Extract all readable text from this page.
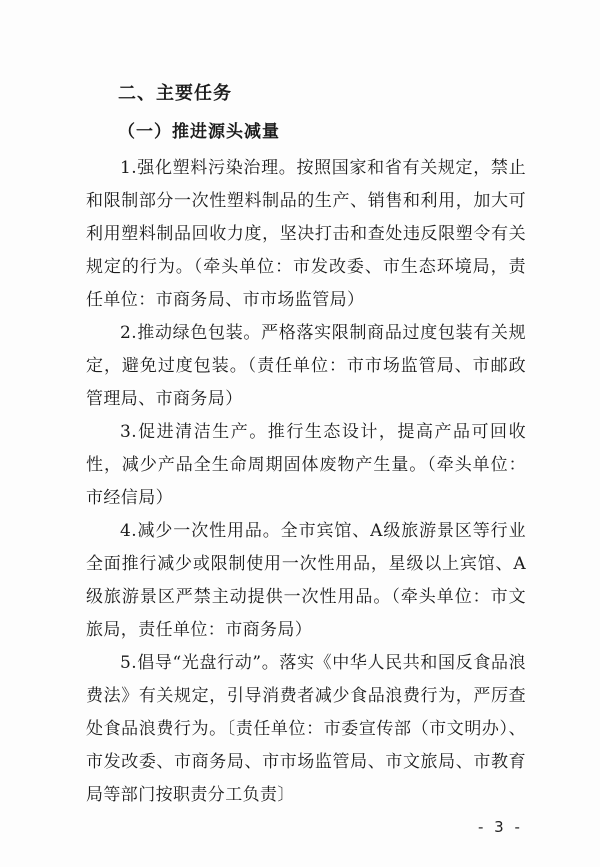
二、主要任务
（一）推进源头减量

1.强化塑料污染治理。按照国家和省有关规定，禁止和限制部分一次性塑料制品的生产、销售和利用，加大可利用塑料制品回收力度，坚决打击和查处违反限塑令有关规定的行为。（牵头单位：市发改委、市生态环境局，责任单位：市商务局、市市场监管局）

2.推动绿色包装。严格落实限制商品过度包装有关规定，避免过度包装。（责任单位：市市场监管局、市邮政管理局、市商务局）

3.促进清洁生产。推行生态设计，提高产品可回收性，减少产品全生命周期固体废物产生量。（牵头单位：市经信局）

4.减少一次性用品。全市宾馆、A级旅游景区等行业全面推行减少或限制使用一次性用品，星级以上宾馆、A级旅游景区严禁主动提供一次性用品。（牵头单位：市文旅局，责任单位：市商务局）

5.倡导“光盘行动”。落实《中华人民共和国反食品浪费法》有关规定，引导消费者减少食品浪费行为，严厉查处食品浪费行为。〔责任单位：市委宣传部（市文明办）、市发改委、市商务局、市市场监管局、市文旅局、市教育局等部门按职责分工负责〕

- 3 -
